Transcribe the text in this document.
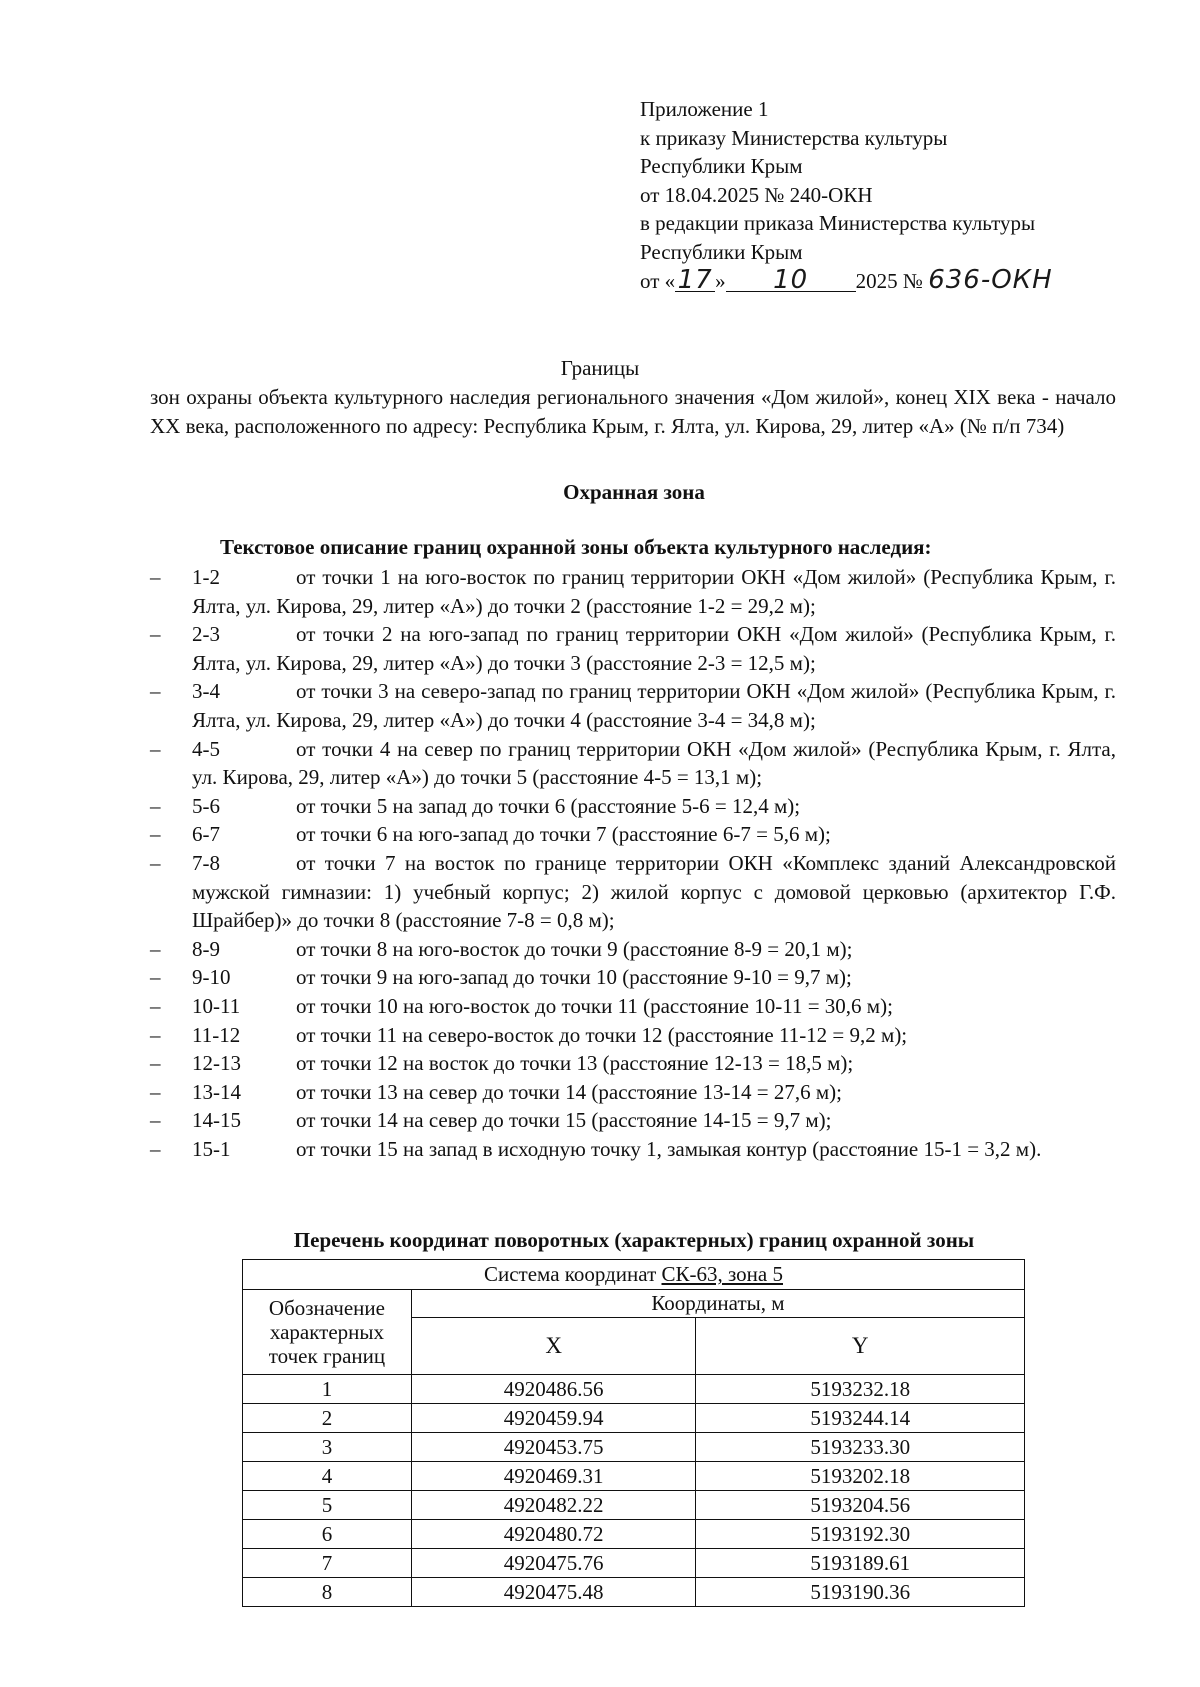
Приложение 1
к приказу Министерства культуры
Республики Крым
от 18.04.2025 № 240-ОКН
в редакции приказа Министерства культуры
Республики Крым
от «17 » 10 2025 № 636-ОКН
Границы
зон охраны объекта культурного наследия регионального значения «Дом жилой», конец XIX века - начало XX века, расположенного по адресу: Республика Крым, г. Ялта, ул. Кирова, 29, литер «А» (№ п/п 734)
Охранная зона
Текстовое описание границ охранной зоны объекта культурного наследия:
– 1-2	от точки 1 на юго-восток по границ территории ОКН «Дом жилой» (Республика Крым, г. Ялта, ул. Кирова, 29, литер «А») до точки 2 (расстояние 1-2 = 29,2 м);
– 2-3	от точки 2 на юго-запад по границ территории ОКН «Дом жилой» (Республика Крым, г. Ялта, ул. Кирова, 29, литер «А») до точки 3 (расстояние 2-3 = 12,5 м);
– 3-4	от точки 3 на северо-запад по границ территории ОКН «Дом жилой» (Республика Крым, г. Ялта, ул. Кирова, 29, литер «А») до точки 4 (расстояние 3-4 = 34,8 м);
– 4-5	от точки 4 на север по границ территории ОКН «Дом жилой» (Республика Крым, г. Ялта, ул. Кирова, 29, литер «А») до точки 5 (расстояние 4-5 = 13,1 м);
– 5-6	от точки 5 на запад до точки 6 (расстояние 5-6 = 12,4 м);
– 6-7	от точки 6 на юго-запад до точки 7 (расстояние 6-7 = 5,6 м);
– 7-8	от точки 7 на восток по границе территории ОКН «Комплекс зданий Александровской мужской гимназии: 1) учебный корпус; 2) жилой корпус с домовой церковью (архитектор Г.Ф. Шрайбер)» до точки 8 (расстояние 7-8 = 0,8 м);
– 8-9	от точки 8 на юго-восток до точки 9 (расстояние 8-9 = 20,1 м);
– 9-10	от точки 9 на юго-запад до точки 10 (расстояние 9-10 = 9,7 м);
– 10-11	от точки 10 на юго-восток до точки 11 (расстояние 10-11 = 30,6 м);
– 11-12	от точки 11 на северо-восток до точки 12 (расстояние 11-12 = 9,2 м);
– 12-13	от точки 12 на восток до точки 13 (расстояние 12-13 = 18,5 м);
– 13-14	от точки 13 на север до точки 14 (расстояние 13-14 = 27,6 м);
– 14-15	от точки 14 на север до точки 15 (расстояние 14-15 = 9,7 м);
– 15-1	от точки 15 на запад в исходную точку 1, замыкая контур (расстояние 15-1 = 3,2 м).
Перечень координат поворотных (характерных) границ охранной зоны
Система координат СК-63, зона 5		
Обозначение характерных точек границ	Координаты, м	
	X	Y
1	4920486.56	5193232.18
2	4920459.94	5193244.14
3	4920453.75	5193233.30
4	4920469.31	5193202.18
5	4920482.22	5193204.56
6	4920480.72	5193192.30
7	4920475.76	5193189.61
8	4920475.48	5193190.36
